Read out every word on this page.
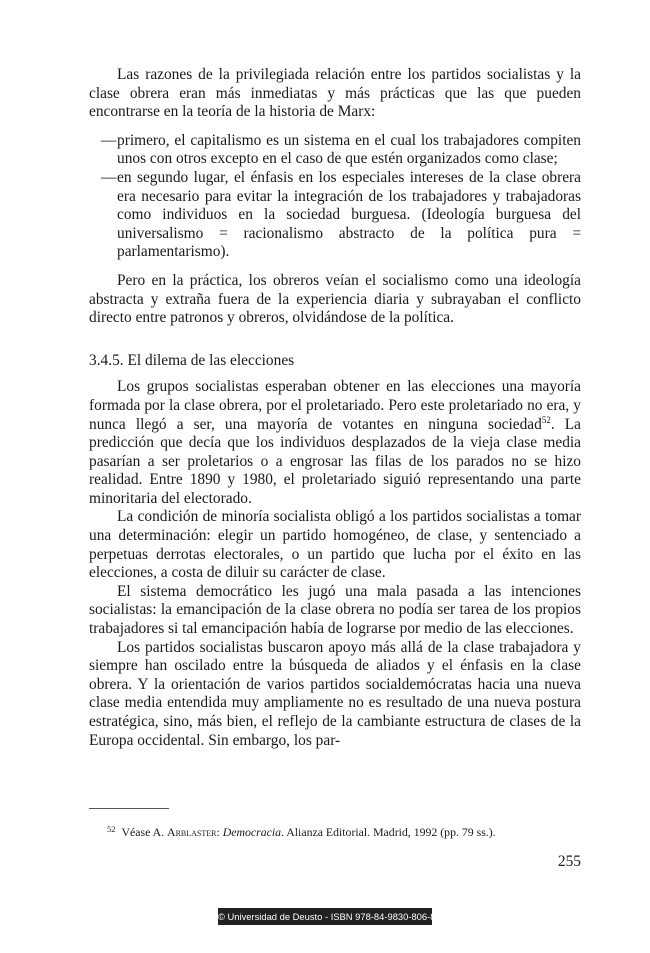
Las razones de la privilegiada relación entre los partidos socialistas y la clase obrera eran más inmediatas y más prácticas que las que pueden encontrarse en la teoría de la historia de Marx:

—primero, el capitalismo es un sistema en el cual los trabajadores compiten unos con otros excepto en el caso de que estén organizados como clase;
—en segundo lugar, el énfasis en los especiales intereses de la clase obrera era necesario para evitar la integración de los trabajadores y trabajadoras como individuos en la sociedad burguesa. (Ideología burguesa del universalismo = racionalismo abstracto de la política pura = parlamentarismo).

Pero en la práctica, los obreros veían el socialismo como una ideología abstracta y extraña fuera de la experiencia diaria y subrayaban el conflicto directo entre patronos y obreros, olvidándose de la política.

3.4.5. El dilema de las elecciones

Los grupos socialistas esperaban obtener en las elecciones una mayoría formada por la clase obrera, por el proletariado. Pero este proletariado no era, y nunca llegó a ser, una mayoría de votantes en ninguna sociedad$^{52}$. La predicción que decía que los individuos desplazados de la vieja clase media pasarían a ser proletarios o a engrosar las filas de los parados no se hizo realidad. Entre 1890 y 1980, el proletariado siguió representando una parte minoritaria del electorado.

La condición de minoría socialista obligó a los partidos socialistas a tomar una determinación: elegir un partido homogéneo, de clase, y sentenciado a perpetuas derrotas electorales, o un partido que lucha por el éxito en las elecciones, a costa de diluir su carácter de clase.

El sistema democrático les jugó una mala pasada a las intenciones socialistas: la emancipación de la clase obrera no podía ser tarea de los propios trabajadores si tal emancipación había de lograrse por medio de las elecciones.

Los partidos socialistas buscaron apoyo más allá de la clase trabajadora y siempre han oscilado entre la búsqueda de aliados y el énfasis en la clase obrera. Y la orientación de varios partidos socialdemócratas hacia una nueva clase media entendida muy ampliamente no es resultado de una nueva postura estratégica, sino, más bien, el reflejo de la cambiante estructura de clases de la Europa occidental. Sin embargo, los par-

$^{52}$ Véase A. Arblaster: Democracia. Alianza Editorial. Madrid, 1992 (pp. 79 ss.).
255
© Universidad de Deusto - ISBN 978-84-9830-806-8
